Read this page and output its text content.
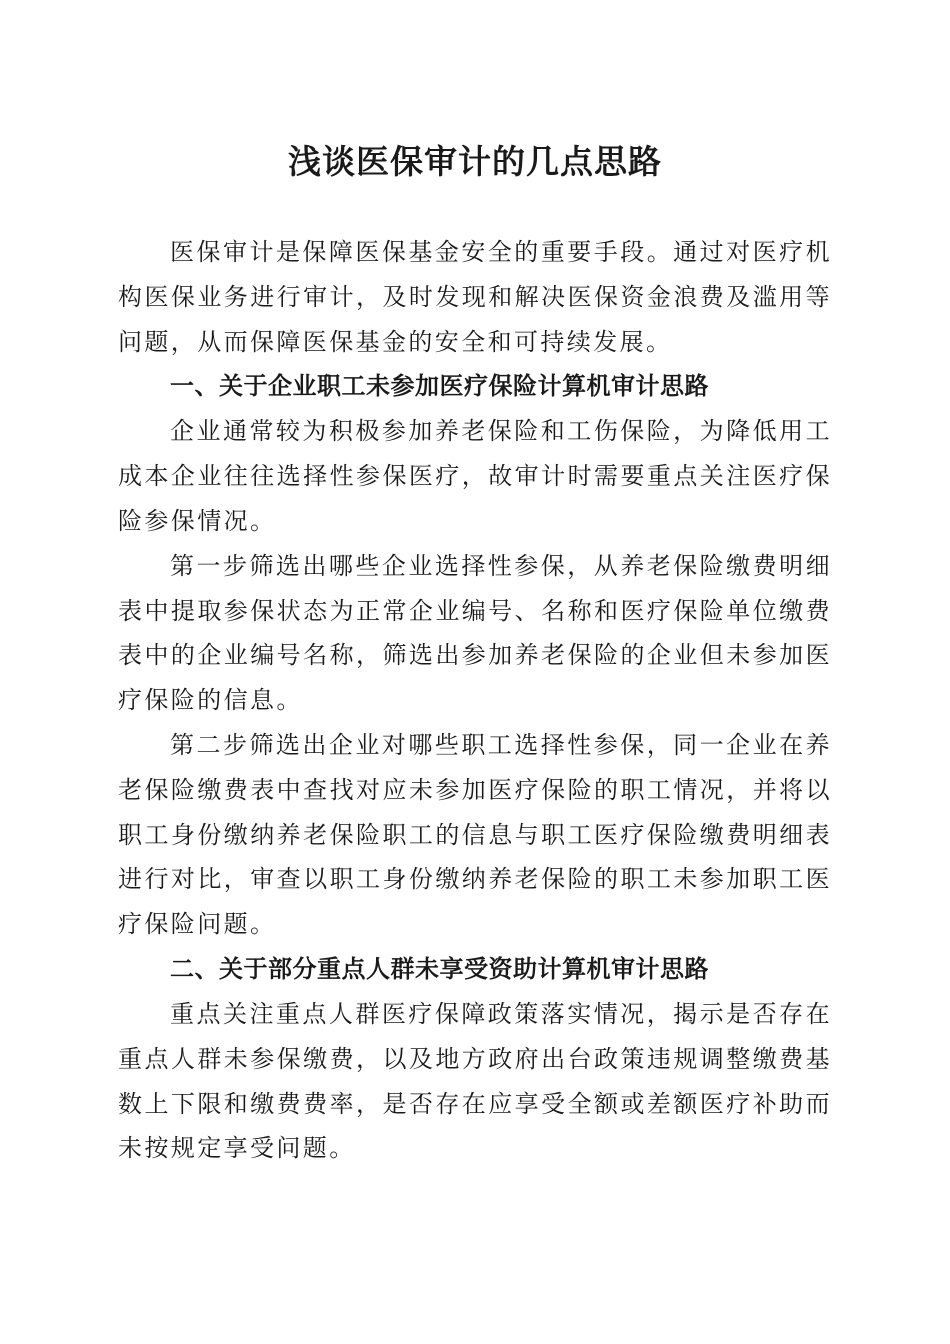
浅谈医保审计的几点思路

医保审计是保障医保基金安全的重要手段。通过对医疗机构医保业务进行审计，及时发现和解决医保资金浪费及滥用等问题，从而保障医保基金的安全和可持续发展。

一、关于企业职工未参加医疗保险计算机审计思路

企业通常较为积极参加养老保险和工伤保险，为降低用工成本企业往往选择性参保医疗，故审计时需要重点关注医疗保险参保情况。

第一步筛选出哪些企业选择性参保，从养老保险缴费明细表中提取参保状态为正常企业编号、名称和医疗保险单位缴费表中的企业编号名称，筛选出参加养老保险的企业但未参加医疗保险的信息。

第二步筛选出企业对哪些职工选择性参保，同一企业在养老保险缴费表中查找对应未参加医疗保险的职工情况，并将以职工身份缴纳养老保险职工的信息与职工医疗保险缴费明细表进行对比，审查以职工身份缴纳养老保险的职工未参加职工医疗保险问题。

二、关于部分重点人群未享受资助计算机审计思路

重点关注重点人群医疗保障政策落实情况，揭示是否存在重点人群未参保缴费，以及地方政府出台政策违规调整缴费基数上下限和缴费费率，是否存在应享受全额或差额医疗补助而未按规定享受问题。
